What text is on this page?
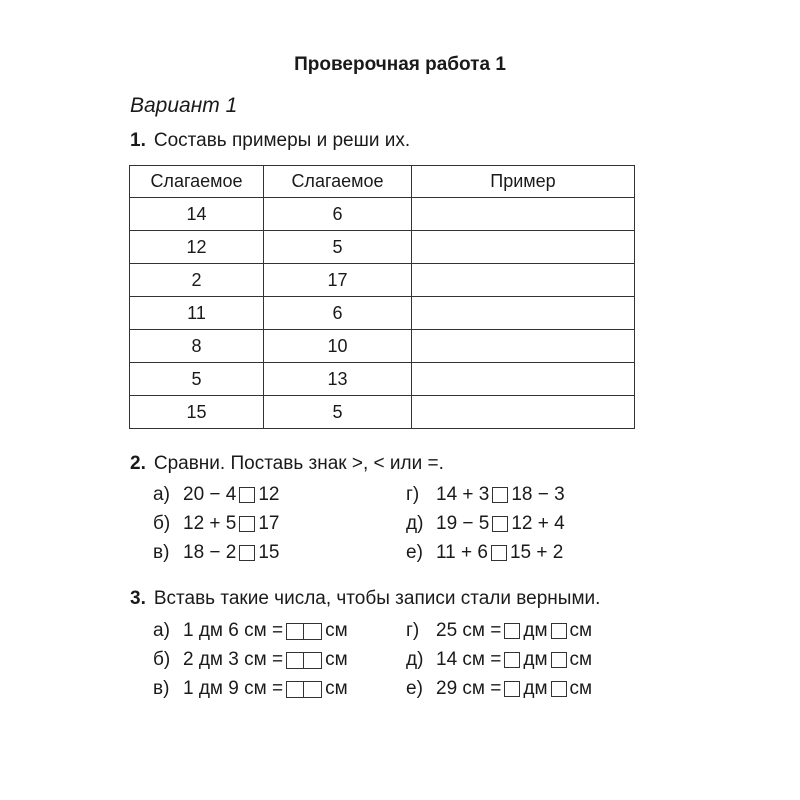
Проверочная работа 1
Вариант 1
1. Составь примеры и реши их.
Слагаемое	Слагаемое	Пример
14	6	
12	5	
2	17	
11	6	
8	10	
5	13	
15	5	
2. Сравни. Поставь знак >, < или =.
а) 20 − 4 12
б) 12 + 5 17
в) 18 − 2 15
г) 14 + 3 18 − 3
д) 19 − 5 12 + 4
е) 11 + 6 15 + 2
3. Вставь такие числа, чтобы записи стали верными.
а) 1 дм 6 см = см
б) 2 дм 3 см = см
в) 1 дм 9 см = см
г) 25 см = дм см
д) 14 см = дм см
е) 29 см = дм см
